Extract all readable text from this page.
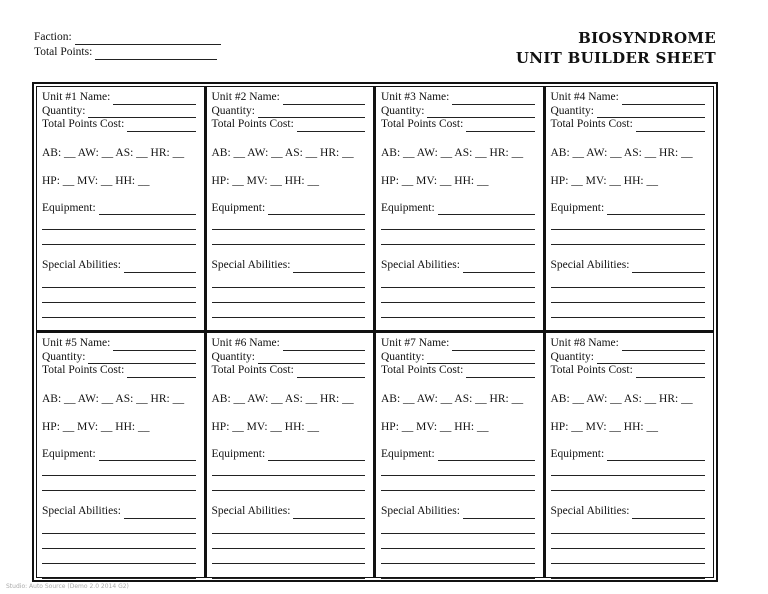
Faction:
Total Points:
BIOSYNDROME
UNIT BUILDER SHEET
Unit #1 Name:
Quantity:
Total Points Cost:
AB: __ AW: __ AS: __ HR: __
HP: __ MV: __ HH: __
Equipment:
Special Abilities:
Unit #2 Name:
Quantity:
Total Points Cost:
AB: __ AW: __ AS: __ HR: __
HP: __ MV: __ HH: __
Equipment:
Special Abilities:
Unit #3 Name:
Quantity:
Total Points Cost:
AB: __ AW: __ AS: __ HR: __
HP: __ MV: __ HH: __
Equipment:
Special Abilities:
Unit #4 Name:
Quantity:
Total Points Cost:
AB: __ AW: __ AS: __ HR: __
HP: __ MV: __ HH: __
Equipment:
Special Abilities:
Unit #5 Name:
Quantity:
Total Points Cost:
AB: __ AW: __ AS: __ HR: __
HP: __ MV: __ HH: __
Equipment:
Special Abilities:
Unit #6 Name:
Quantity:
Total Points Cost:
AB: __ AW: __ AS: __ HR: __
HP: __ MV: __ HH: __
Equipment:
Special Abilities:
Unit #7 Name:
Quantity:
Total Points Cost:
AB: __ AW: __ AS: __ HR: __
HP: __ MV: __ HH: __
Equipment:
Special Abilities:
Unit #8 Name:
Quantity:
Total Points Cost:
AB: __ AW: __ AS: __ HR: __
HP: __ MV: __ HH: __
Equipment:
Special Abilities:
Studio: Auto Source (Demo 2.0 2014 G2)
